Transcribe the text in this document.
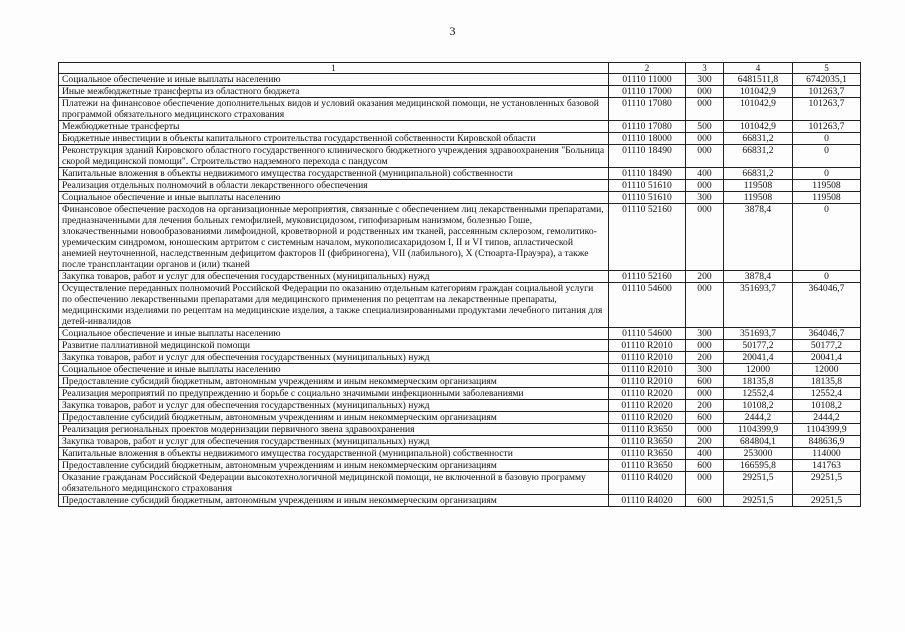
3
1	2	3	4	5
Социальное обеспечение и иные выплаты населению	01110 11000	300	6481511,8	6742035,1
Иные межбюджетные трансферты из областного бюджета	01110 17000	000	101042,9	101263,7
Платежи на финансовое обеспечение дополнительных видов и условий оказания медицинской помощи, не установленных базовой программой обязательного медицинского страхования	01110 17080	000	101042,9	101263,7
Межбюджетные трансферты	01110 17080	500	101042,9	101263,7
Бюджетные инвестиции в объекты капитального строительства государственной собственности Кировской области	01110 18000	000	66831,2	0
Реконструкция зданий Кировского областного государственного клинического бюджетного учреждения здравоохранения "Больница скорой медицинской помощи". Строительство надземного перехода с пандусом	01110 18490	000	66831,2	0
Капитальные вложения в объекты недвижимого имущества государственной (муниципальной) собственности	01110 18490	400	66831,2	0
Реализация отдельных полномочий в области лекарственного обеспечения	01110 51610	000	119508	119508
Социальное обеспечение и иные выплаты населению	01110 51610	300	119508	119508
Финансовое обеспечение расходов на организационные мероприятия, связанные с обеспечением лиц лекарственными препаратами, предназначенными для лечения больных гемофилией, муковисцидозом, гипофизарным нанизмом, болезнью Гоше, злокачественными новообразованиями лимфоидной, кроветворной и родственных им тканей, рассеянным склерозом, гемолитико-уремическим синдромом, юношеским артритом с системным началом, мукополисахаридозом I, II и VI типов, апластической анемией неуточненной, наследственным дефицитом факторов II (фибриногена), VII (лабильного), X (Стюарта-Прауэра), а также после трансплантации органов и (или) тканей	01110 52160	000	3878,4	0
Закупка товаров, работ и услуг для обеспечения государственных (муниципальных) нужд	01110 52160	200	3878,4	0
Осуществление переданных полномочий Российской Федерации по оказанию отдельным категориям граждан социальной услуги по обеспечению лекарственными препаратами для медицинского применения по рецептам на лекарственные препараты, медицинскими изделиями по рецептам на медицинские изделия, а также специализированными продуктами лечебного питания для детей-инвалидов	01110 54600	000	351693,7	364046,7
Социальное обеспечение и иные выплаты населению	01110 54600	300	351693,7	364046,7
Развитие паллиативной медицинской помощи	01110 R2010	000	50177,2	50177,2
Закупка товаров, работ и услуг для обеспечения государственных (муниципальных) нужд	01110 R2010	200	20041,4	20041,4
Социальное обеспечение и иные выплаты населению	01110 R2010	300	12000	12000
Предоставление субсидий бюджетным, автономным учреждениям и иным некоммерческим организациям	01110 R2010	600	18135,8	18135,8
Реализация мероприятий по предупреждению и борьбе с социально значимыми инфекционными заболеваниями	01110 R2020	000	12552,4	12552,4
Закупка товаров, работ и услуг для обеспечения государственных (муниципальных) нужд	01110 R2020	200	10108,2	10108,2
Предоставление субсидий бюджетным, автономным учреждениям и иным некоммерческим организациям	01110 R2020	600	2444,2	2444,2
Реализация региональных проектов модернизации первичного звена здравоохранения	01110 R3650	000	1104399,9	1104399,9
Закупка товаров, работ и услуг для обеспечения государственных (муниципальных) нужд	01110 R3650	200	684804,1	848636,9
Капитальные вложения в объекты недвижимого имущества государственной (муниципальной) собственности	01110 R3650	400	253000	114000
Предоставление субсидий бюджетным, автономным учреждениям и иным некоммерческим организациям	01110 R3650	600	166595,8	141763
Оказание гражданам Российской Федерации высокотехнологичной медицинской помощи, не включенной в базовую программу обязательного медицинского страхования	01110 R4020	000	29251,5	29251,5
Предоставление субсидий бюджетным, автономным учреждениям и иным некоммерческим организациям	01110 R4020	600	29251,5	29251,5
